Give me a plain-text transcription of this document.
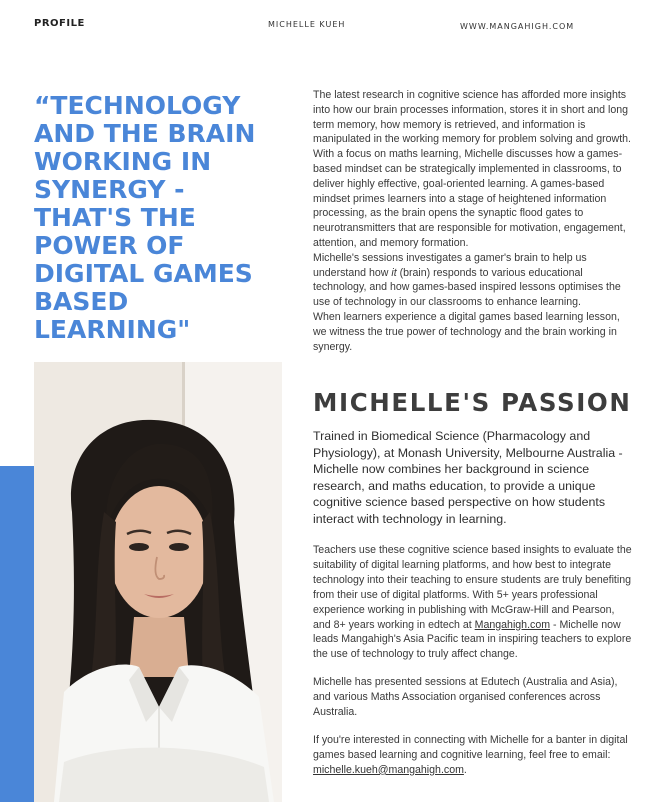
PROFILE	MICHELLE KUEH	WWW.MANGAHIGH.COM
“TECHNOLOGY
AND THE BRAIN
WORKING IN
SYNERGY -
THAT'S THE
POWER OF
DIGITAL GAMES
BASED LEARNING"

The latest research in cognitive science has afforded more insights into how our brain processes information, stores it in short and long term memory, how memory is retrieved, and information is manipulated in the working memory for problem solving and growth.

With a focus on maths learning, Michelle discusses how a games-based mindset can be strategically implemented in classrooms, to deliver highly effective, goal-oriented learning. A games-based mindset primes learners into a stage of heightened information processing, as the brain opens the synaptic flood gates to neurotransmitters that are responsible for motivation, engagement, attention, and memory formation.

Michelle's sessions investigates a gamer's brain to help us understand how it (brain) responds to various educational technology, and how games-based inspired lessons optimises the use of technology in our classrooms to enhance learning.

When learners experience a digital games based learning lesson, we witness the true power of technology and the brain working in synergy.

MICHELLE'S PASSION

Trained in Biomedical Science (Pharmacology and Physiology), at Monash University, Melbourne Australia - Michelle now combines her background in science research, and maths education, to provide a unique cognitive science based perspective on how students interact with technology in learning.

Teachers use these cognitive science based insights to evaluate the suitability of digital learning platforms, and how best to integrate technology into their teaching to ensure students are truly benefiting from their use of digital platforms. With 5+ years professional experience working in publishing with McGraw-Hill and Pearson, and 8+ years working in edtech at Mangahigh.com - Michelle now leads Mangahigh's Asia Pacific team in inspiring teachers to explore the use of technology to truly affect change.

Michelle has presented sessions at Edutech (Australia and Asia), and various Maths Association organised conferences across Australia.

If you're interested in connecting with Michelle for a banter in digital games based learning and cognitive learning, feel free to email: michelle.kueh@mangahigh.com.
